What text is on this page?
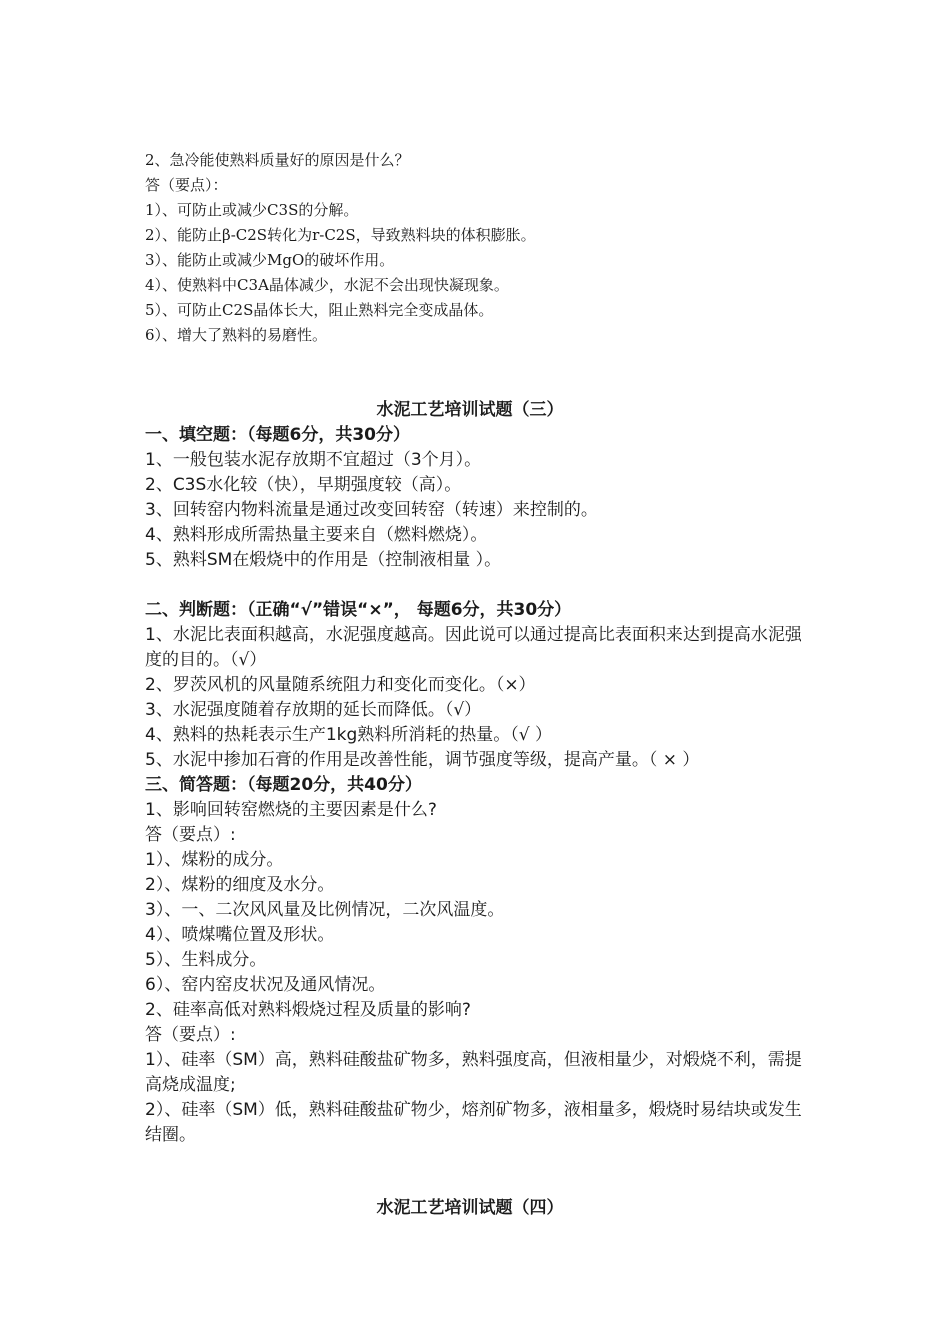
2、急冷能使熟料质量好的原因是什么？
答（要点）：
1）、可防止或减少C3S的分解。
2）、能防止β-C2S转化为r-C2S，导致熟料块的体积膨胀。
3）、能防止或减少MgO的破坏作用。
4）、使熟料中C3A晶体减少，水泥不会出现快凝现象。
5）、可防止C2S晶体长大，阻止熟料完全变成晶体。
6）、增大了熟料的易磨性。
水泥工艺培训试题（三）
一、填空题：（每题6分，共30分）
1、一般包装水泥存放期不宜超过（3个月）。
2、C3S水化较（快），早期强度较（高）。
3、回转窑内物料流量是通过改变回转窑（转速）来控制的。
4、熟料形成所需热量主要来自（燃料燃烧）。
5、熟料SM在煅烧中的作用是（控制液相量 ）。
二、判断题：（正确“√”错误“×”， 每题6分，共30分）
1、水泥比表面积越高，水泥强度越高。因此说可以通过提高比表面积来达到提高水泥强度的目的。（√）
2、罗茨风机的风量随系统阻力和变化而变化。（×）
3、水泥强度随着存放期的延长而降低。（√）
4、熟料的热耗表示生产1kg熟料所消耗的热量。（√ ）
5、水泥中掺加石膏的作用是改善性能，调节强度等级，提高产量。（ × ）
三、简答题：（每题20分，共40分）
1、影响回转窑燃烧的主要因素是什么?
答（要点）:
1）、煤粉的成分。
2）、煤粉的细度及水分。
3）、一、二次风风量及比例情况，二次风温度。
4）、喷煤嘴位置及形状。
5）、生料成分。
6）、窑内窑皮状况及通风情况。
2、硅率高低对熟料煅烧过程及质量的影响?
答（要点）:
1）、硅率（SM）高，熟料硅酸盐矿物多，熟料强度高，但液相量少，对煅烧不利，需提高烧成温度;
2）、硅率（SM）低，熟料硅酸盐矿物少，熔剂矿物多，液相量多，煅烧时易结块或发生结圈。
水泥工艺培训试题（四）
